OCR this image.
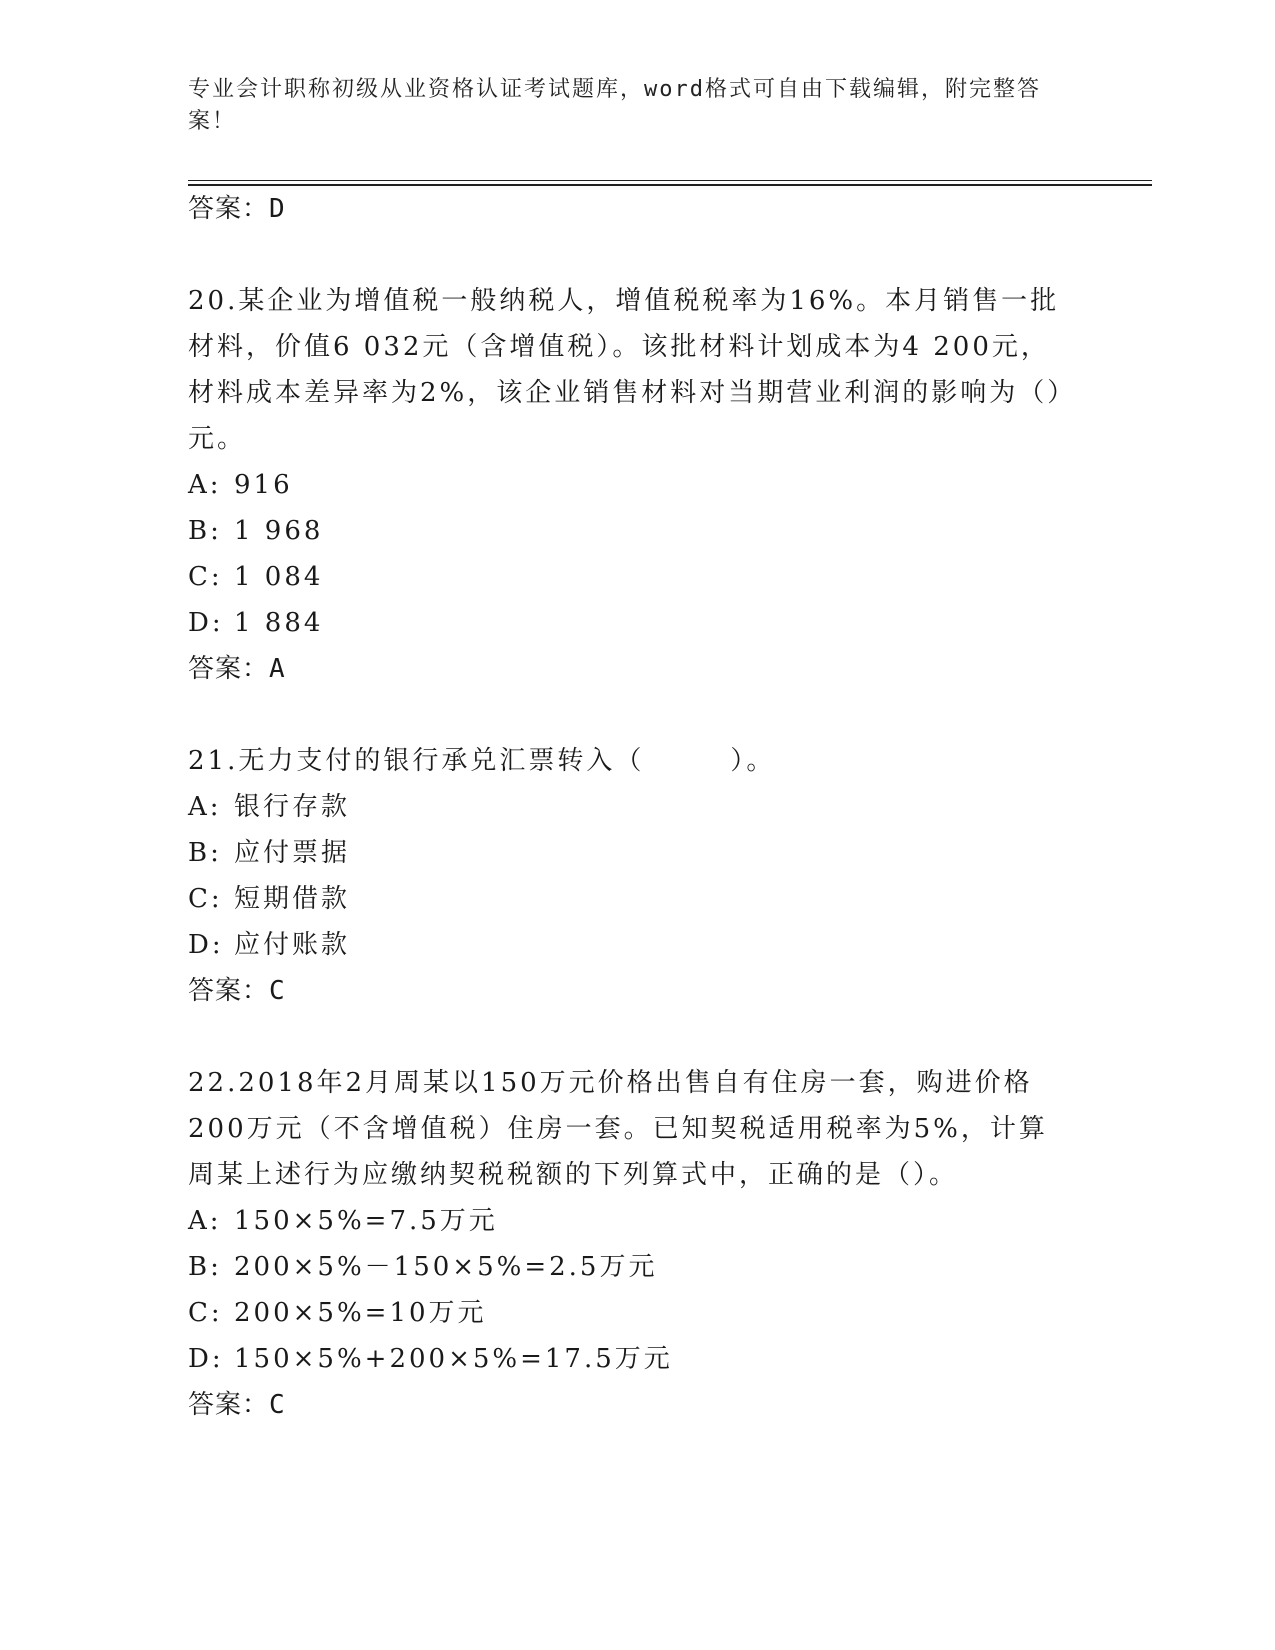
专业会计职称初级从业资格认证考试题库，word格式可自由下载编辑，附完整答案！
答案：D

20.某企业为增值税一般纳税人，增值税税率为16%。本月销售一批材料，价值6 032元（含增值税）。该批材料计划成本为4 200元，材料成本差异率为2%，该企业销售材料对当期营业利润的影响为（）元。

A: 916
B: 1 968
C: 1 084
D: 1 884
答案：A

21.无力支付的银行承兑汇票转入（	）。

A: 银行存款
B: 应付票据
C: 短期借款
D: 应付账款
答案：C

22.2018年2月周某以150万元价格出售自有住房一套，购进价格200万元（不含增值税）住房一套。已知契税适用税率为5%，计算周某上述行为应缴纳契税税额的下列算式中，正确的是（）。

A: 150×5%=7.5万元
B: 200×5%－150×5%=2.5万元
C: 200×5%=10万元
D: 150×5%+200×5%=17.5万元
答案：C
